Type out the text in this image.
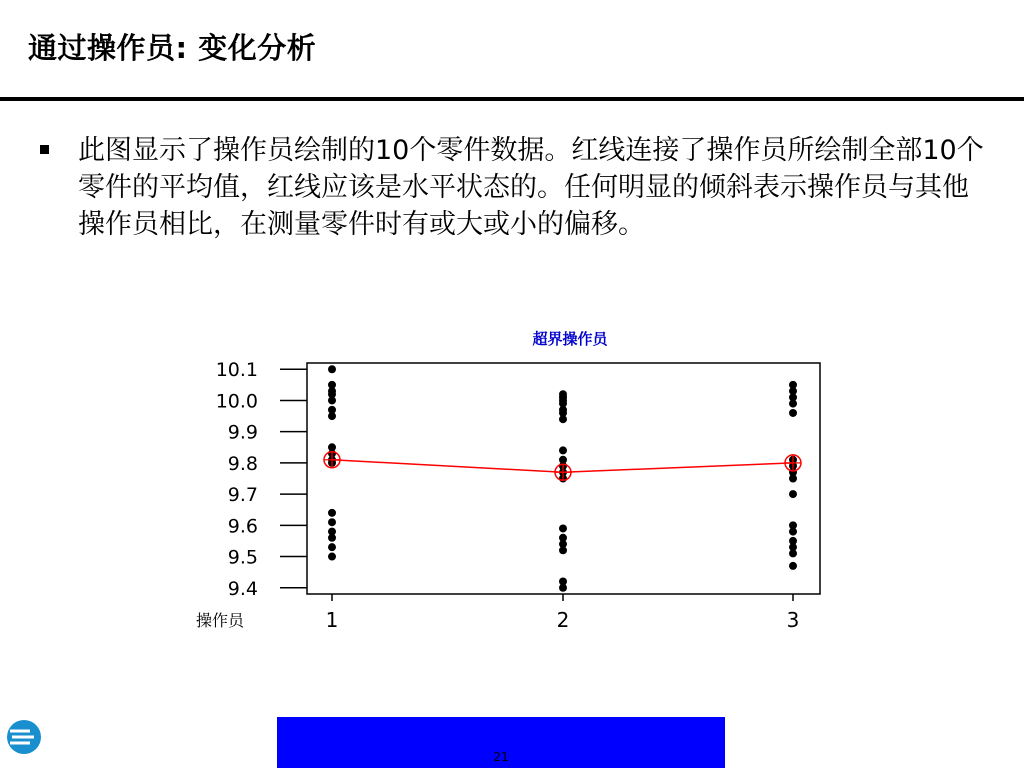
通过操作员: 变化分析
此图显示了操作员绘制的10个零件数据。红线连接了操作员所绘制全部10个零件的平均值，红线应该是水平状态的。任何明显的倾斜表示操作员与其他操作员相比，在测量零件时有或大或小的偏移。
超界操作员
10.1
10.0
9.9
9.8
9.7
9.6
9.5
9.4
1	2	3
操作员
21
